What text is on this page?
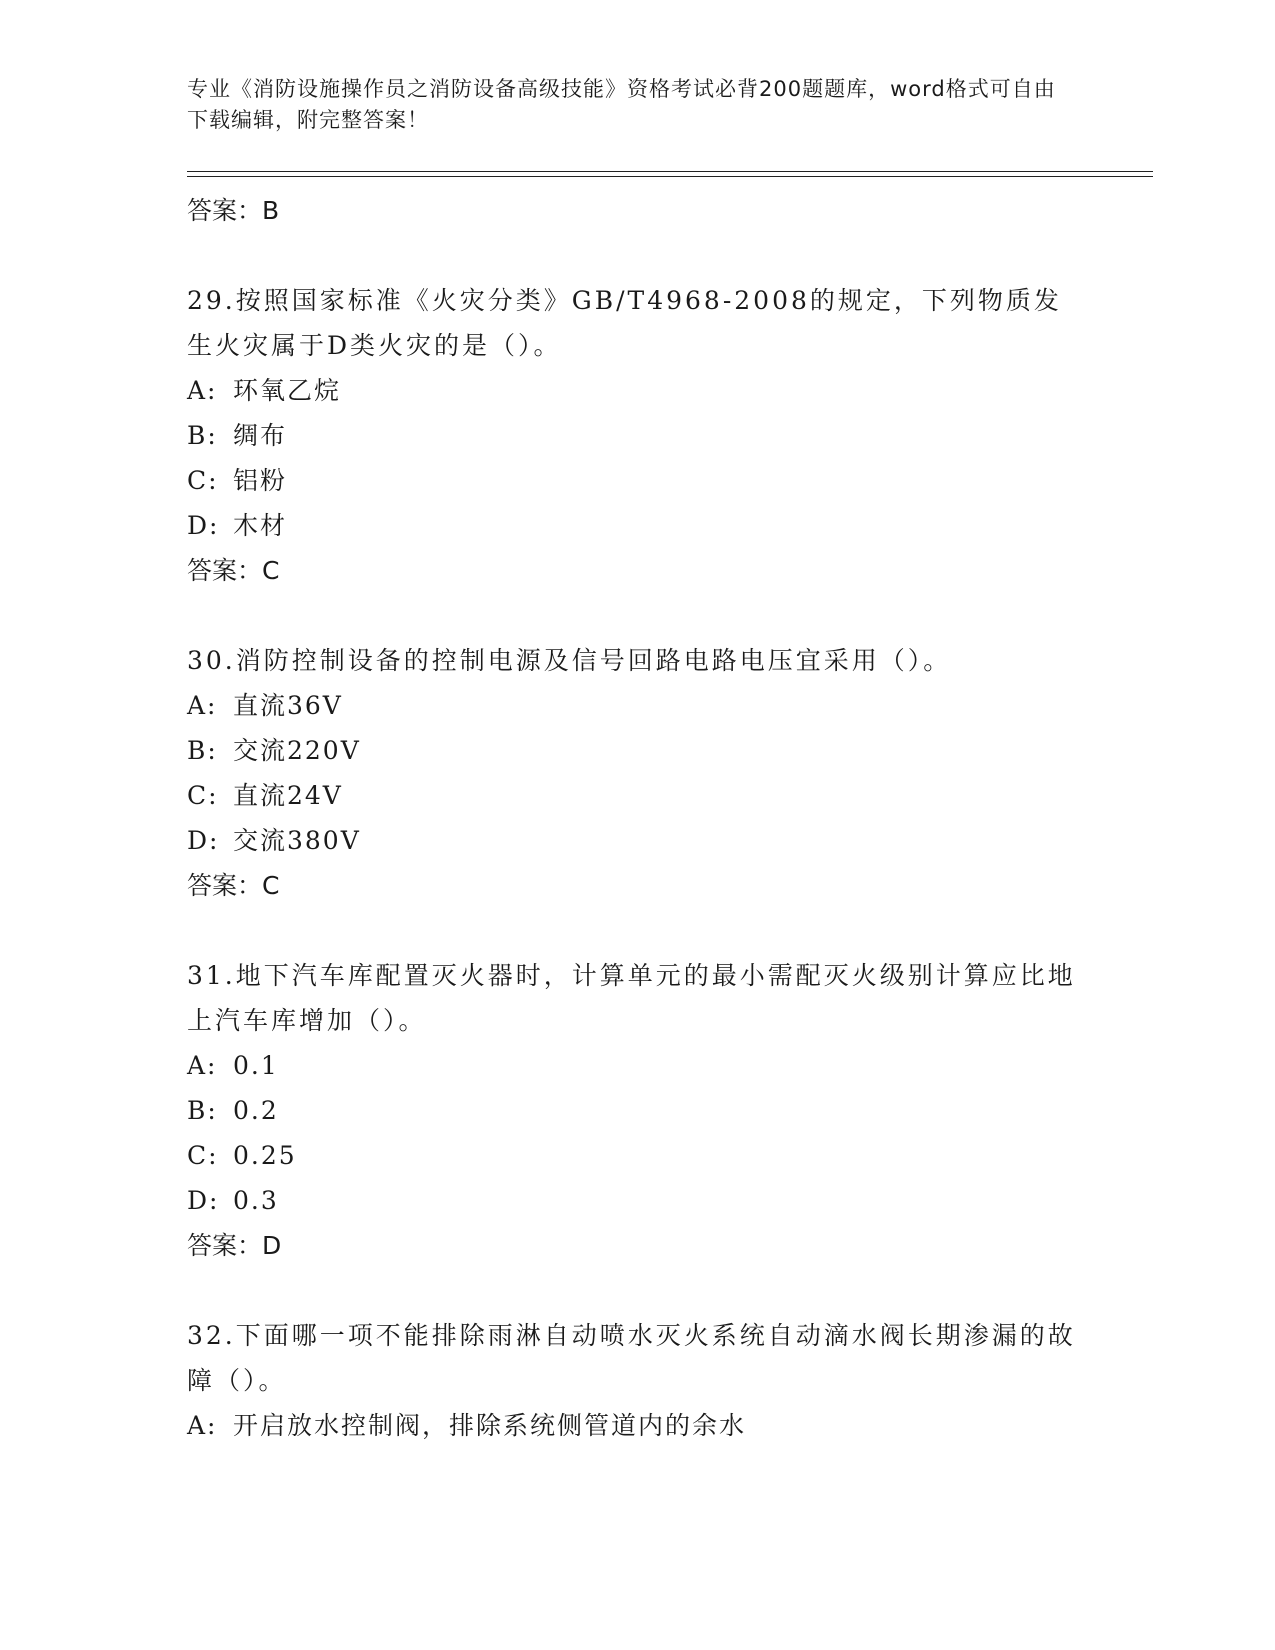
专业《消防设施操作员之消防设备高级技能》资格考试必背200题题库，word格式可自由下载编辑，附完整答案！
答案：B
29.按照国家标准《火灾分类》GB/T4968-2008的规定，下列物质发生火灾属于D类火灾的是（）。
A: 环氧乙烷
B: 绸布
C: 铝粉
D: 木材
答案：C
30.消防控制设备的控制电源及信号回路电路电压宜采用（）。
A: 直流36V
B: 交流220V
C: 直流24V
D: 交流380V
答案：C
31.地下汽车库配置灭火器时，计算单元的最小需配灭火级别计算应比地上汽车库增加（）。
A: 0.1
B: 0.2
C: 0.25
D: 0.3
答案：D
32.下面哪一项不能排除雨淋自动喷水灭火系统自动滴水阀长期渗漏的故障（）。
A: 开启放水控制阀，排除系统侧管道内的余水
